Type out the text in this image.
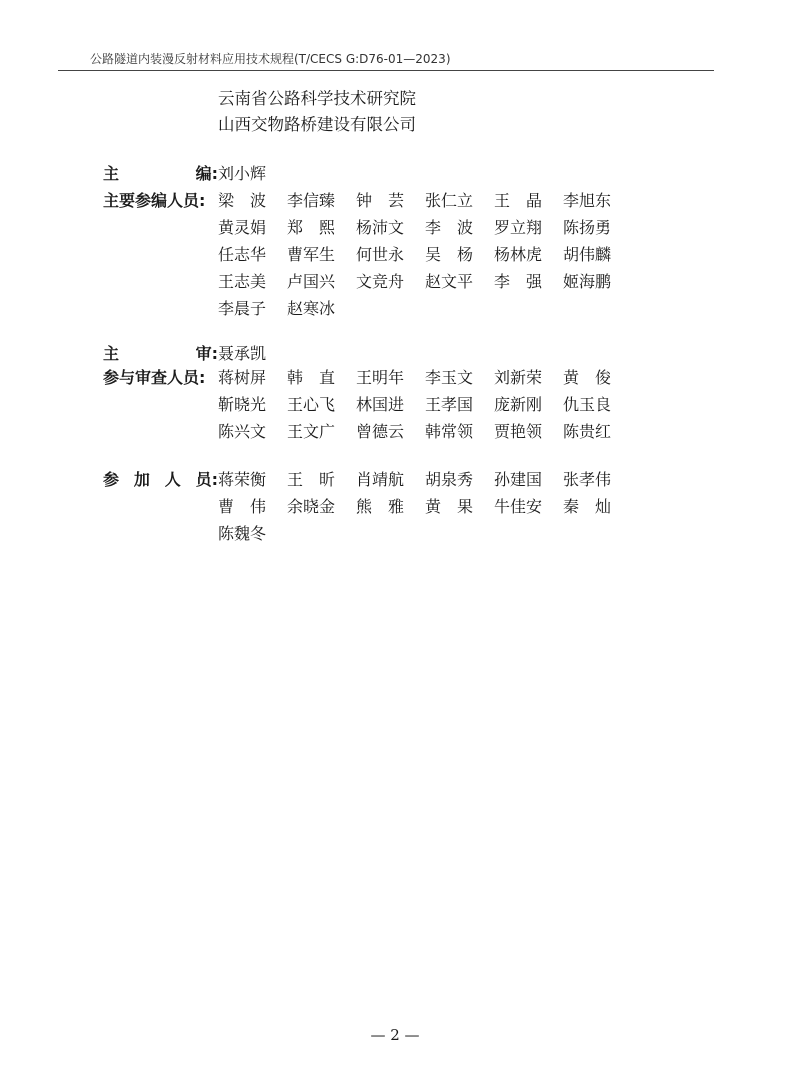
公路隧道内装漫反射材料应用技术规程(T/CECS G:D76-01—2023)
云南省公路科学技术研究院
山西交物路桥建设有限公司
主	编: 刘小辉
主要参编人员: 梁　波	李信臻	钟　芸	张仁立	王　晶	李旭东
黄灵娟	郑　熙	杨沛文	李　波	罗立翔	陈扬勇
任志华	曹军生	何世永	吴　杨	杨林虎	胡伟麟
王志美	卢国兴	文竞舟	赵文平	李　强	姬海鹏
李晨子	赵寒冰
主	审: 聂承凯
参与审查人员: 蒋树屏	韩　直	王明年	李玉文	刘新荣	黄　俊
靳晓光	王心飞	林国进	王孝国	庞新刚	仇玉良
陈兴文	王文广	曾德云	韩常领	贾艳领	陈贵红
参 加 人 员: 蒋荣衡	王　昕	肖靖航	胡泉秀	孙建国	张孝伟
曹　伟	余晓金	熊　雅	黄　果	牛佳安	秦　灿
陈魏冬
— 2 —
